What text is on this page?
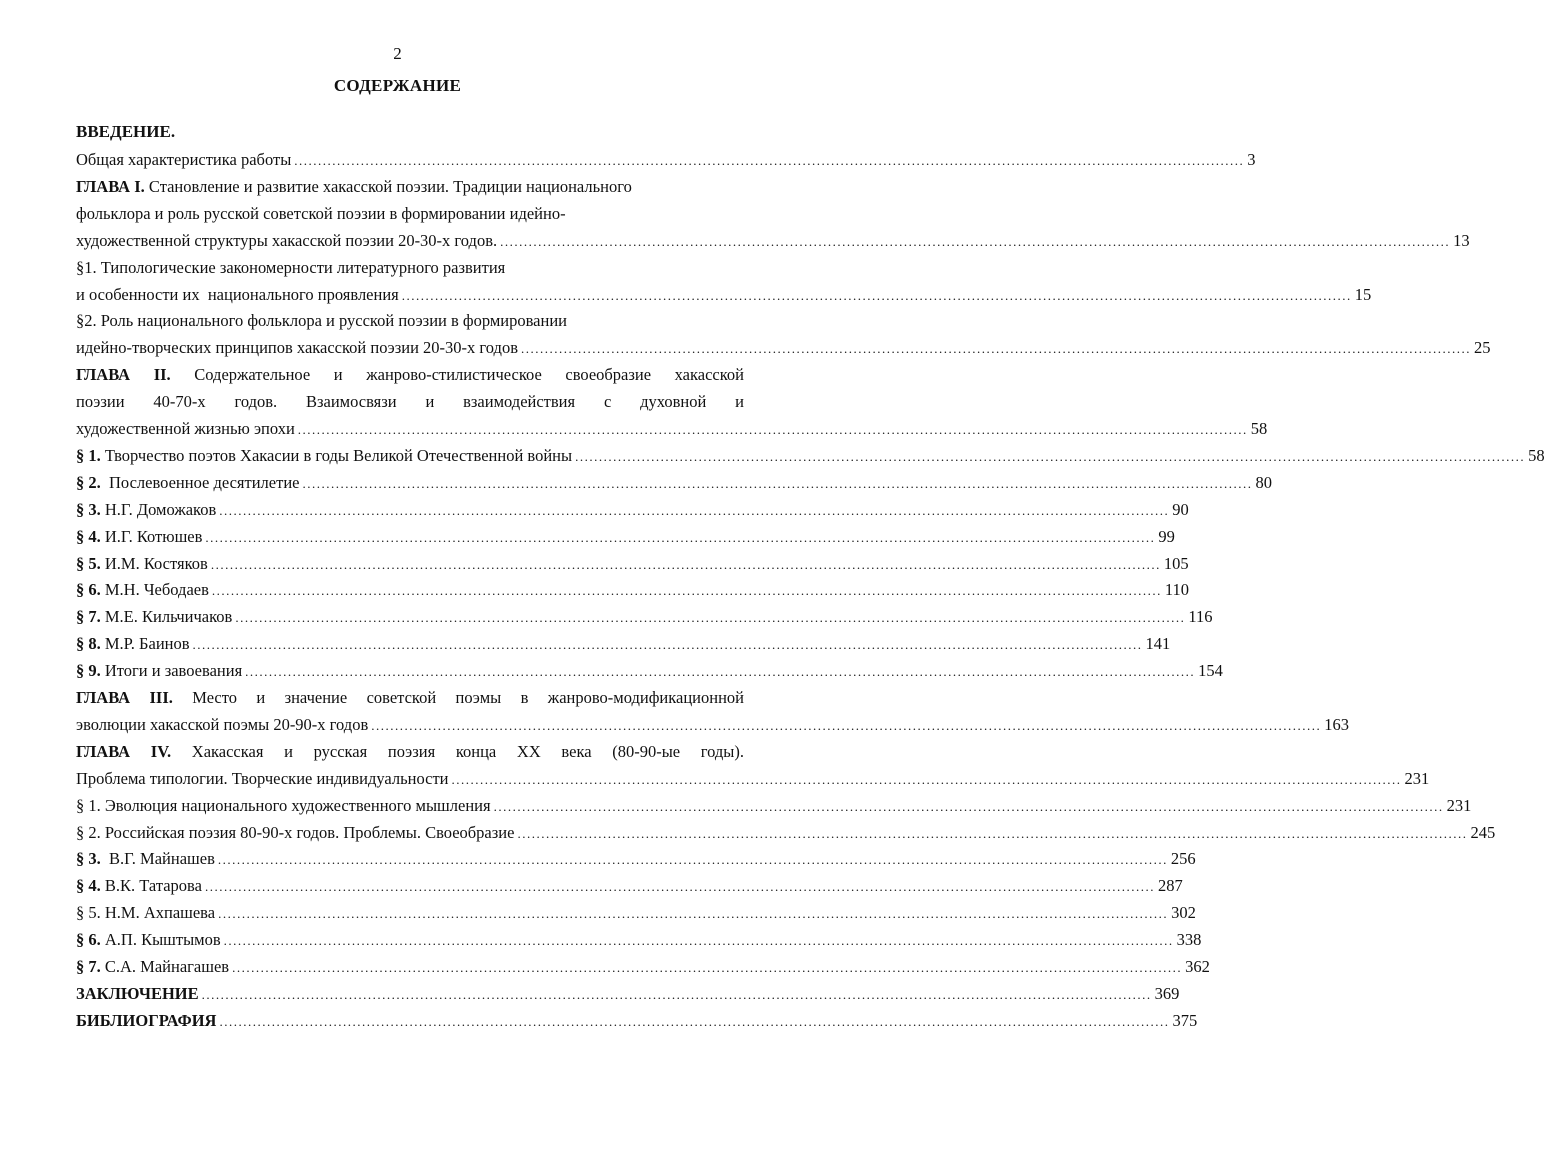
2
СОДЕРЖАНИЕ
ВВЕДЕНИЕ.
Общая характеристика работы ........................................................................................................................................................................................................ 3
ГЛАВА I. Становление и развитие хакасской поэзии. Традиции национального
фольклора и роль русской советской поэзии в формировании идейно-
художественной структуры хакасской поэзии 20-30-х годов. ........................................................................................................................................................................................................ 13
§1. Типологические закономерности литературного развития
и особенности их  национального проявления ........................................................................................................................................................................................................ 15
§2. Роль национального фольклора и русской поэзии в формировании
идейно-творческих принципов хакасской поэзии 20-30-х годов ........................................................................................................................................................................................................ 25
ГЛАВА II. Содержательное и жанрово-стилистическое своеобразие хакасской
поэзии 40-70-х годов. Взаимосвязи и взаимодействия с духовной и
художественной жизнью эпохи ........................................................................................................................................................................................................ 58
§ 1. Творчество поэтов Хакасии в годы Великой Отечественной войны ........................................................................................................................................................................................................ 58
§ 2.  Послевоенное десятилетие ........................................................................................................................................................................................................ 80
§ 3. Н.Г. Доможаков ........................................................................................................................................................................................................ 90
§ 4. И.Г. Котюшев ........................................................................................................................................................................................................ 99
§ 5. И.М. Костяков ........................................................................................................................................................................................................ 105
§ 6. М.Н. Чебодаев ........................................................................................................................................................................................................ 110
§ 7. М.Е. Кильчичаков ........................................................................................................................................................................................................ 116
§ 8. М.Р. Баинов ........................................................................................................................................................................................................ 141
§ 9. Итоги и завоевания ........................................................................................................................................................................................................ 154
ГЛАВА III. Место и значение советской поэмы в жанрово-модификационной
эволюции хакасской поэмы 20-90-х годов ........................................................................................................................................................................................................ 163
ГЛАВА IV. Хакасская и русская поэзия конца XX века (80-90-ые годы).
Проблема типологии. Творческие индивидуальности ........................................................................................................................................................................................................ 231
§ 1. Эволюция национального художественного мышления ........................................................................................................................................................................................................ 231
§ 2. Российская поэзия 80-90-х годов. Проблемы. Своеобразие ........................................................................................................................................................................................................ 245
§ 3.  В.Г. Майнашев ........................................................................................................................................................................................................ 256
§ 4. В.К. Татарова ........................................................................................................................................................................................................ 287
§ 5. Н.М. Ахпашева ........................................................................................................................................................................................................ 302
§ 6. А.П. Кыштымов ........................................................................................................................................................................................................ 338
§ 7. С.А. Майнагашев ........................................................................................................................................................................................................ 362
ЗАКЛЮЧЕНИЕ ........................................................................................................................................................................................................ 369
БИБЛИОГРАФИЯ ........................................................................................................................................................................................................ 375
